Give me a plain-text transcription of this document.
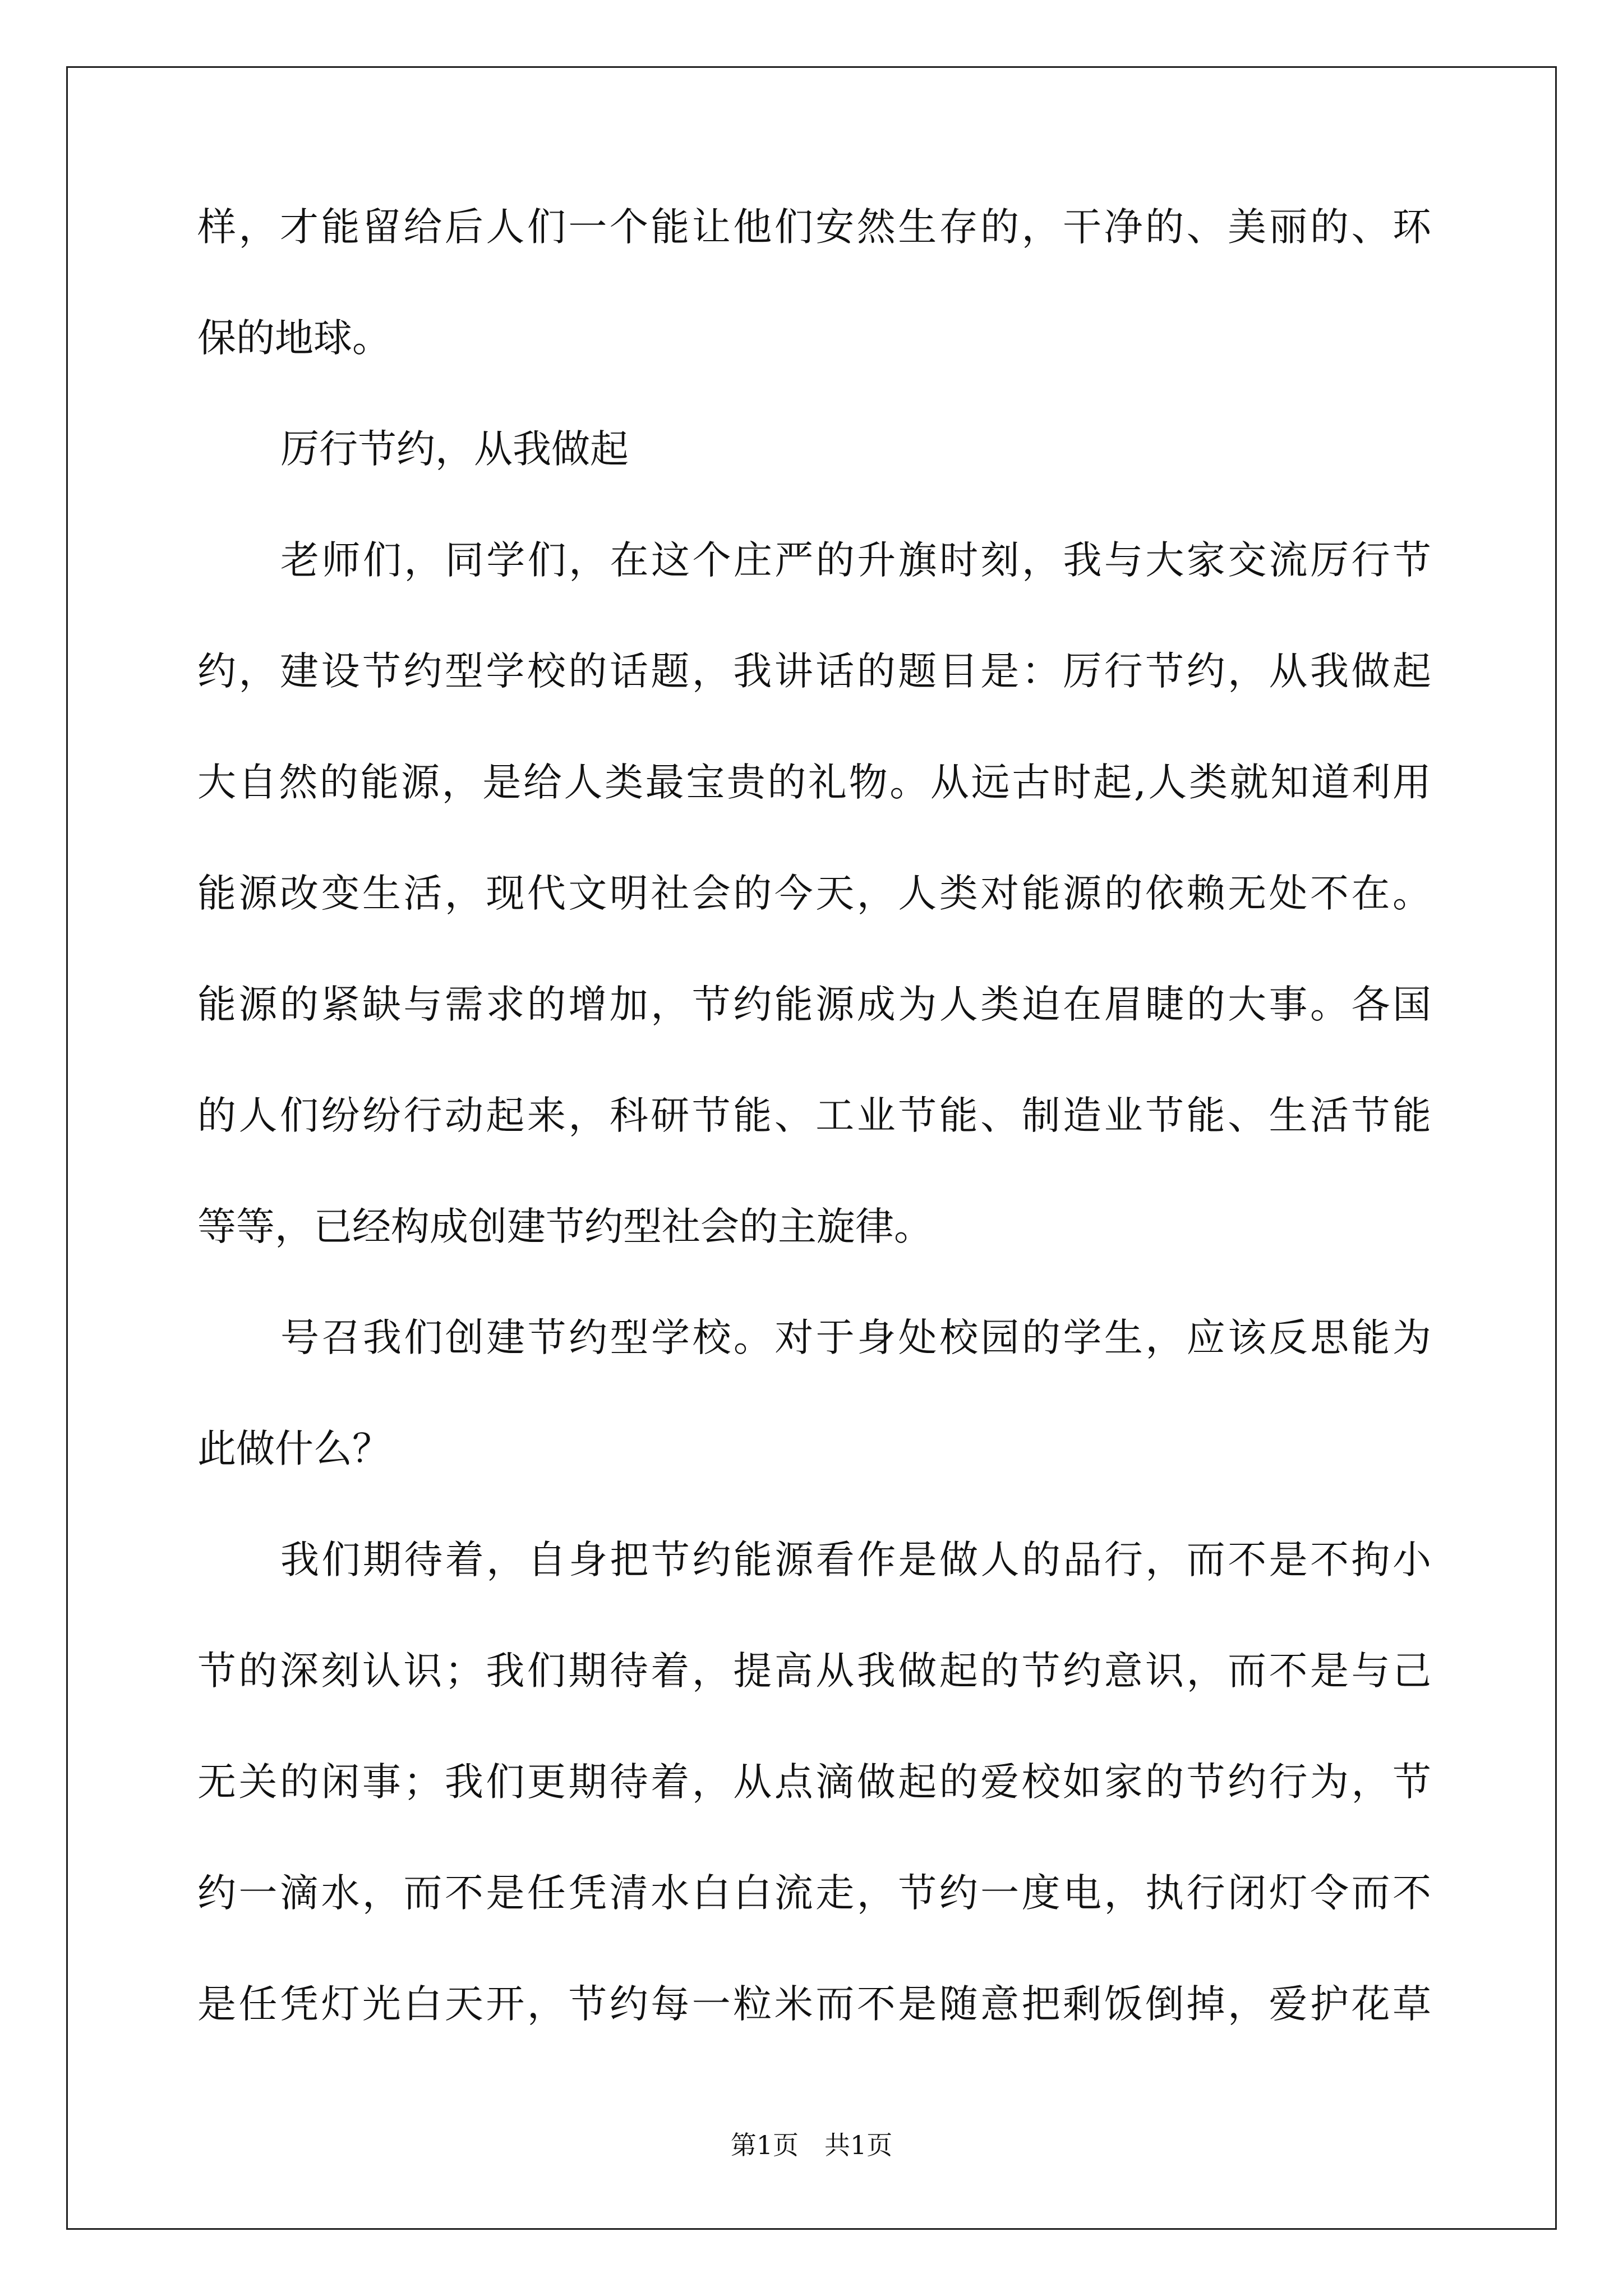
样，才能留给后人们一个能让他们安然生存的，干净的、美丽的、环
保的地球。
厉行节约，从我做起
老师们，同学们，在这个庄严的升旗时刻，我与大家交流厉行节
约，建设节约型学校的话题，我讲话的题目是：厉行节约，从我做起
大自然的能源，是给人类最宝贵的礼物。从远古时起,人类就知道利用
能源改变生活，现代文明社会的今天，人类对能源的依赖无处不在。
能源的紧缺与需求的增加，节约能源成为人类迫在眉睫的大事。各国
的人们纷纷行动起来，科研节能、工业节能、制造业节能、生活节能
等等，已经构成创建节约型社会的主旋律。
号召我们创建节约型学校。对于身处校园的学生，应该反思能为
此做什么？
我们期待着，自身把节约能源看作是做人的品行，而不是不拘小
节的深刻认识；我们期待着，提高从我做起的节约意识，而不是与己
无关的闲事；我们更期待着，从点滴做起的爱校如家的节约行为，节
约一滴水，而不是任凭清水白白流走，节约一度电，执行闭灯令而不
是任凭灯光白天开，节约每一粒米而不是随意把剩饭倒掉，爱护花草
第1页 共1页
